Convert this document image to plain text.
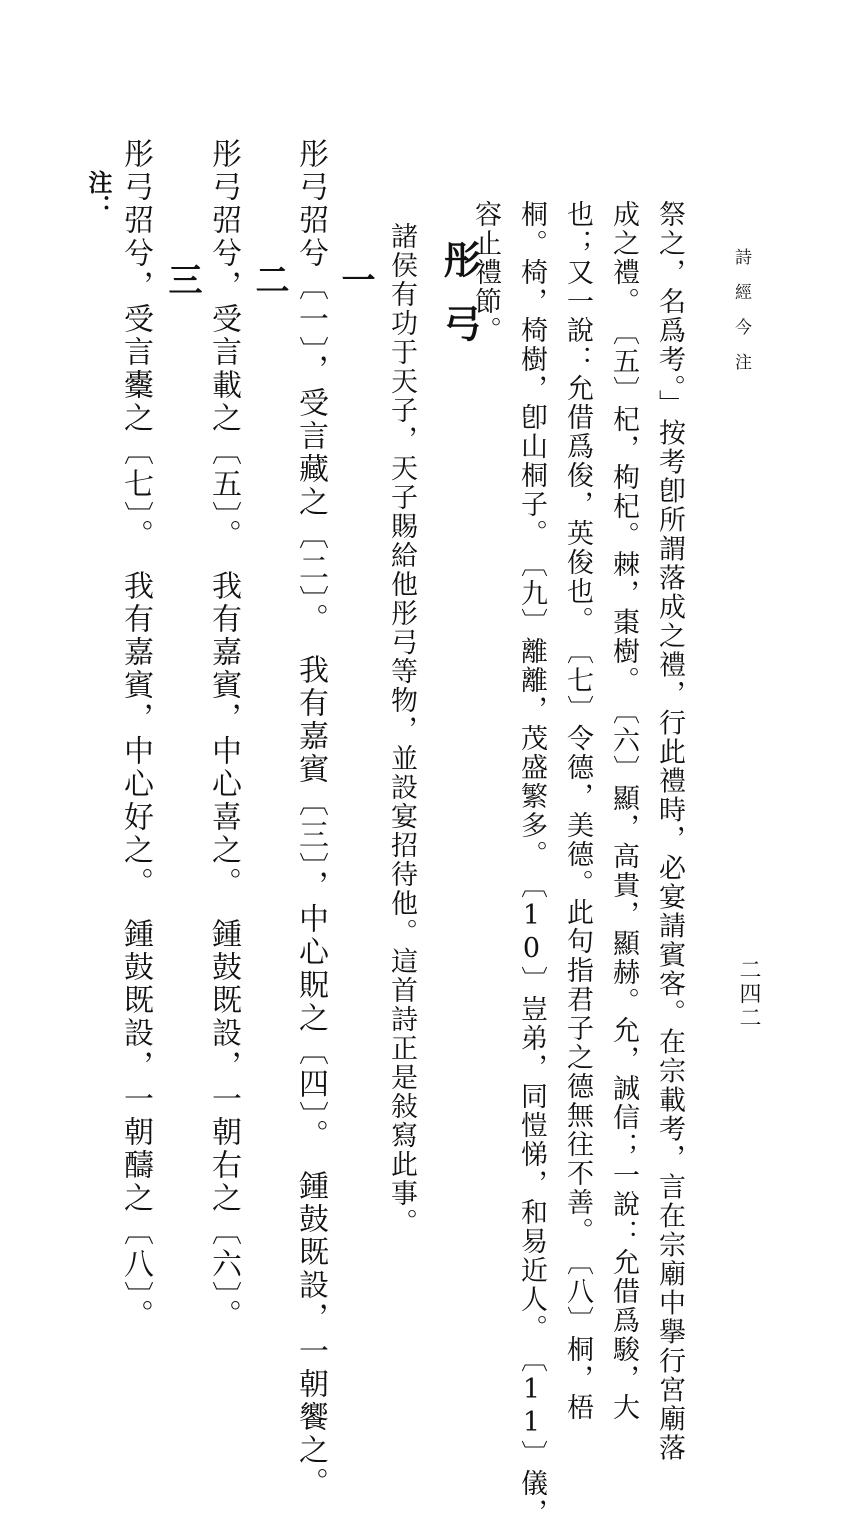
詩經今注
二四二
祭之，名爲考。」按考卽所謂落成之禮，行此禮時，必宴請賓客。在宗載考，言在宗廟中擧行宮廟落
成之禮。　〔五〕杞，枸杞。棘，棗樹。　〔六〕顯，高貴，顯赫。允，誠信；一說：允借爲駿，大
也；又一說：允借爲俊，英俊也。　〔七〕令德，美德。此句指君子之德無往不善。　〔八〕桐，梧
桐。椅，椅樹，卽山桐子。　〔九〕離離，茂盛繁多。　〔10〕豈弟，同愷悌，和易近人。　〔11〕儀，
容止禮節。
彤弓
諸侯有功于天子，天子賜給他彤弓等物，並設宴招待他。這首詩正是敍寫此事。
一
彤弓弨兮〔一〕，受言藏之〔二〕。　我有嘉賓〔三〕，中心貺之〔四〕。　鍾鼓既設，一朝饗之。
二
彤弓弨兮，受言載之〔五〕。　我有嘉賓，中心喜之。　鍾鼓既設，一朝右之〔六〕。
三
彤弓弨兮，受言櫜之〔七〕。　我有嘉賓，中心好之。　鍾鼓既設，一朝醻之〔八〕。
注：
